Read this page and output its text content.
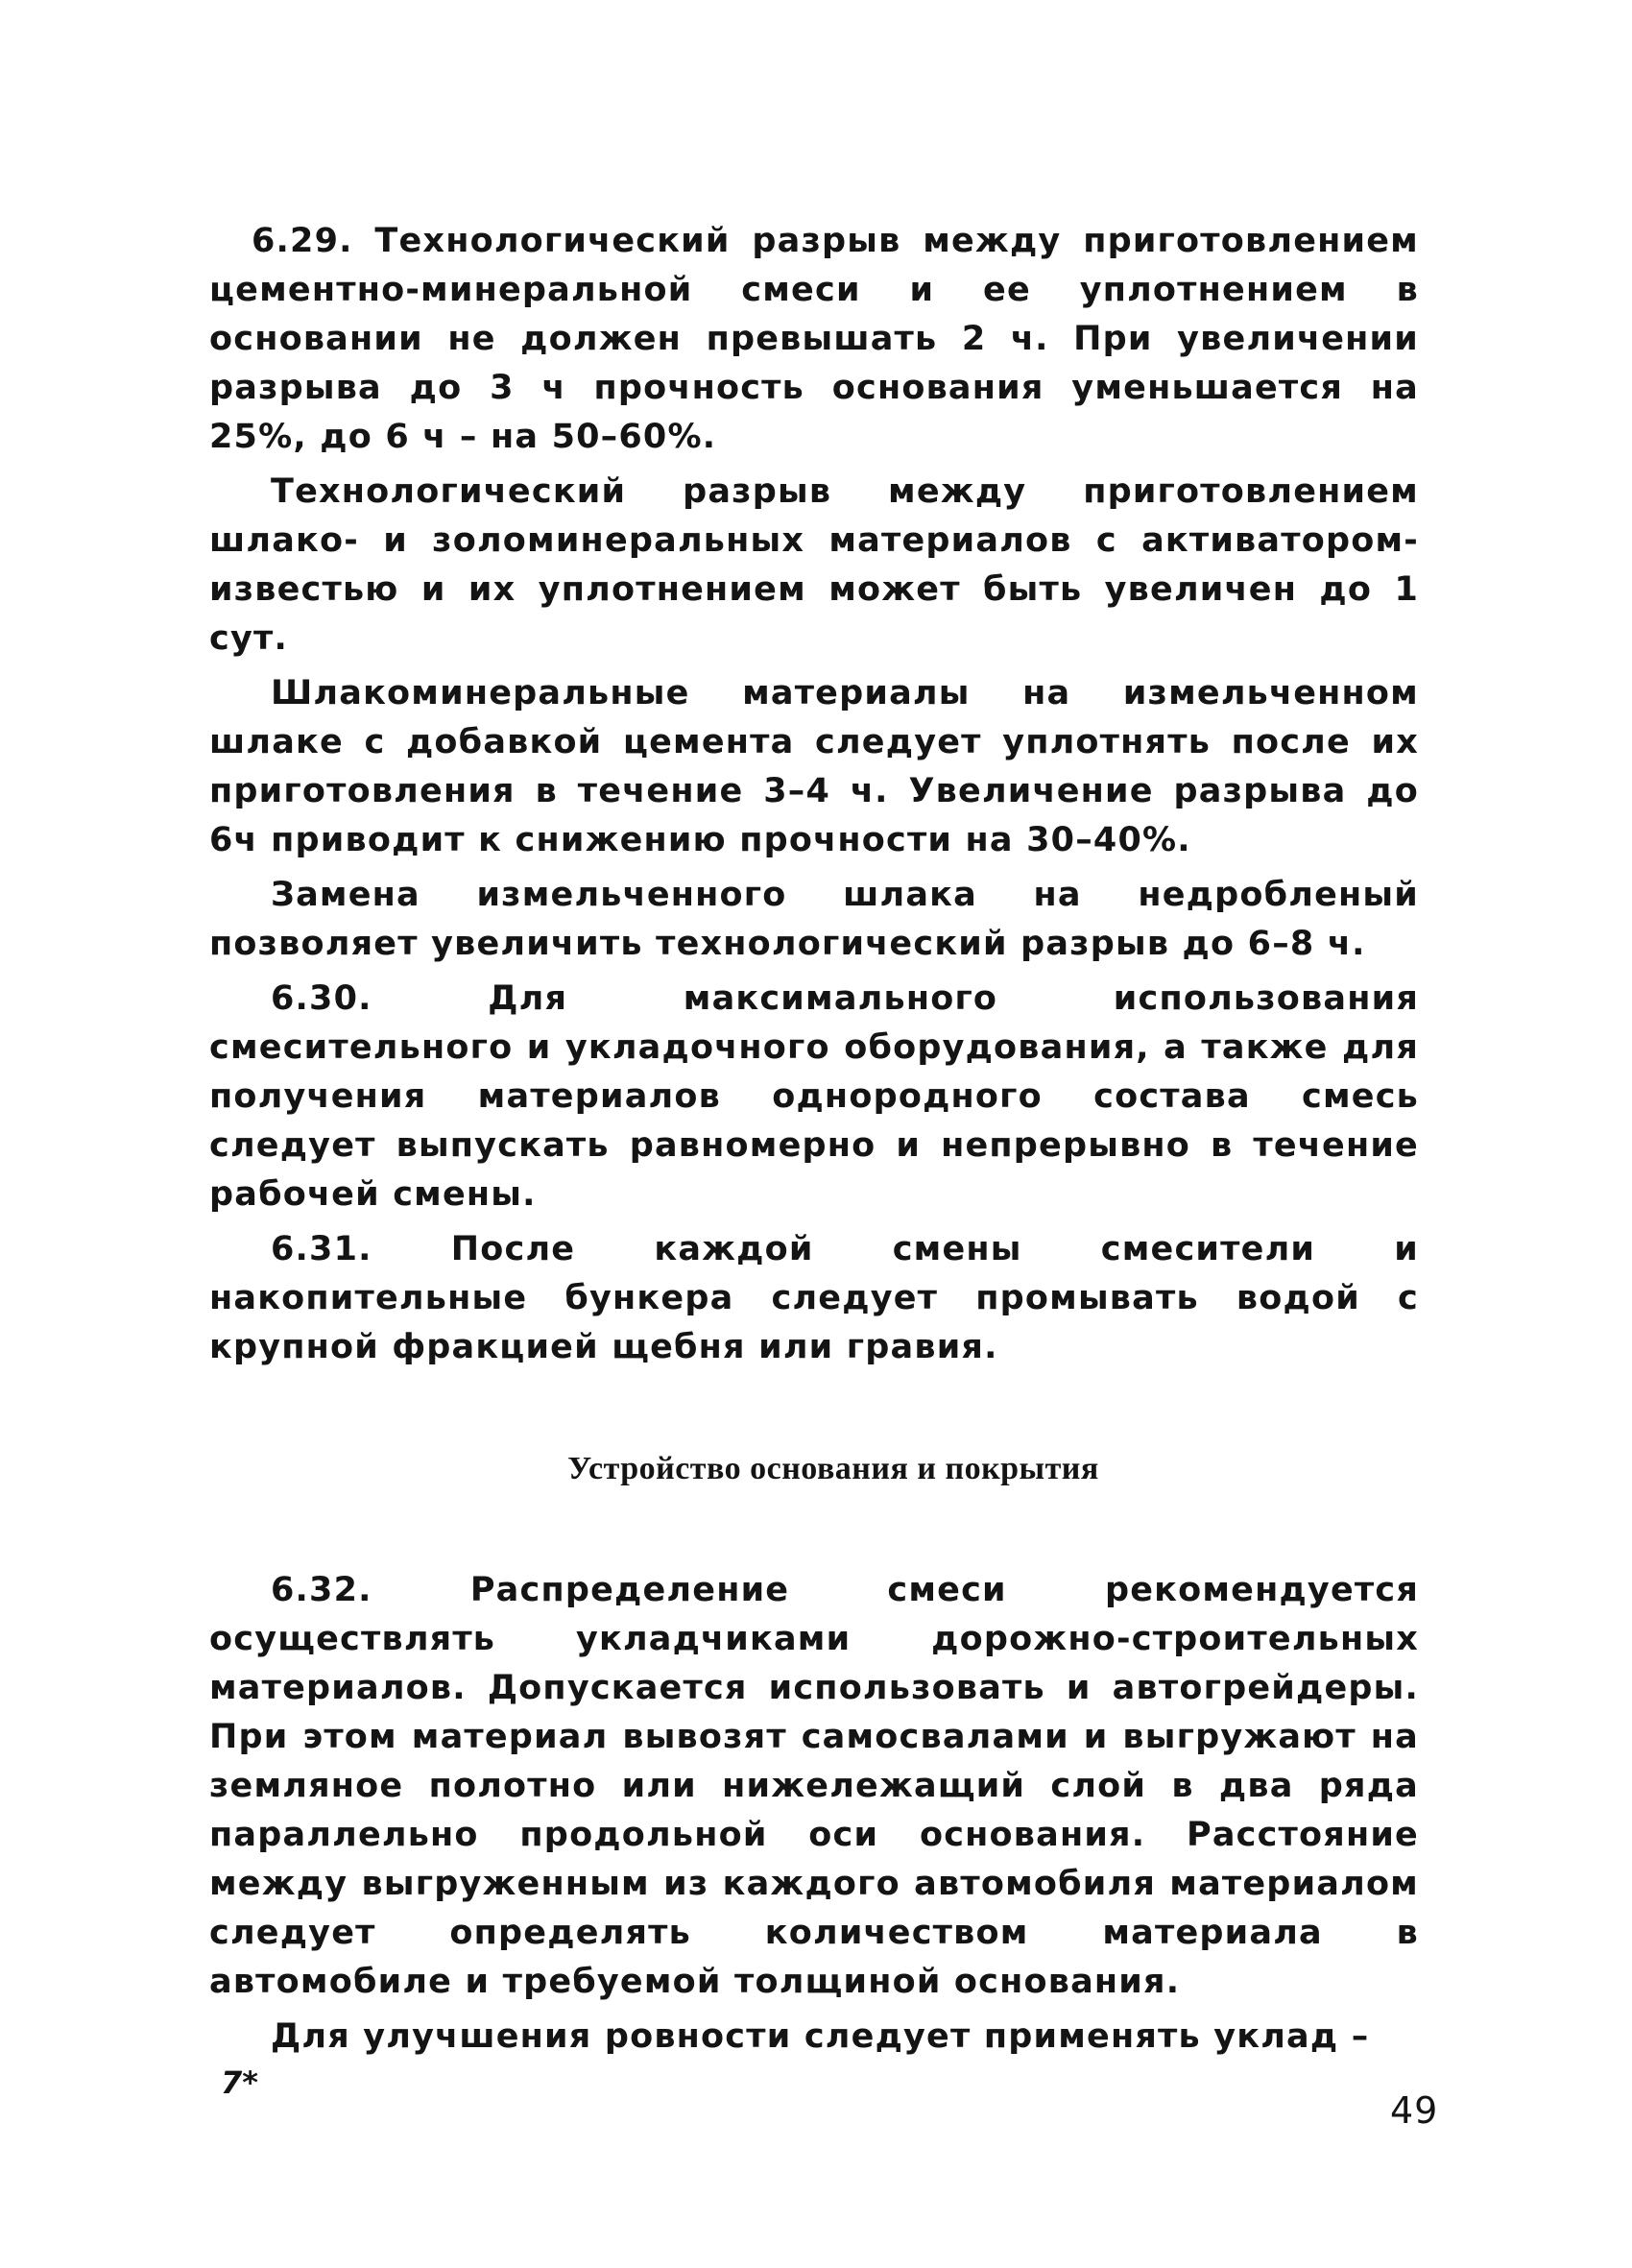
6.29. Технологический разрыв между приготовлением цементно-минеральной смеси и ее уплотнением в основании не должен превышать 2 ч. При увеличении разрыва до 3 ч прочность основания уменьшается на 25%, до 6 ч – на 50–60%.

Технологический разрыв между приготовлением шлако- и золоминеральных материалов с активатором-известью и их уплотнением может быть увеличен до 1 сут.

Шлакоминеральные материалы на измельченном шлаке с добавкой цемента следует уплотнять после их приготовления в течение 3–4 ч. Увеличение разрыва до 6ч приводит к снижению прочности на 30–40%.

Замена измельченного шлака на недробленый позволяет увеличить технологический разрыв до 6–8 ч.

6.30. Для максимального использования смесительного и укладочного оборудования, а также для получения материалов однородного состава смесь следует выпускать равномерно и непрерывно в течение рабочей смены.

6.31. После каждой смены смесители и накопительные бункера следует промывать водой с крупной фракцией щебня или гравия.

Устройство основания и покрытия

6.32. Распределение смеси рекомендуется осуществлять укладчиками дорожно-строительных материалов. Допускается использовать и автогрейдеры. При этом материал вывозят самосвалами и выгружают на земляное полотно или нижележащий слой в два ряда параллельно продольной оси основания. Расстояние между выгруженным из каждого автомобиля материалом следует определять количеством материала в автомобиле и требуемой толщиной основания.

Для улучшения ровности следует применять уклад –

7*
49
